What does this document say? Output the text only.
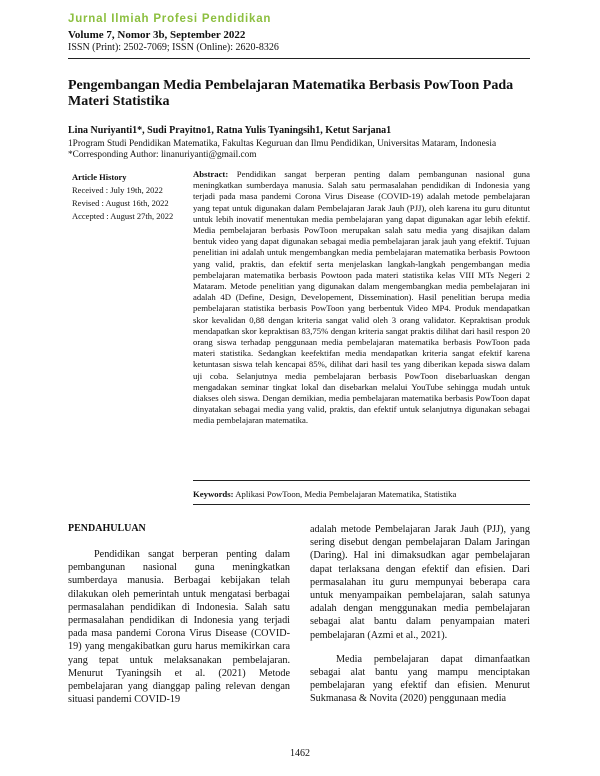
Jurnal Ilmiah Profesi Pendidikan
Volume 7, Nomor 3b, September 2022
ISSN (Print): 2502-7069; ISSN (Online): 2620-8326
Pengembangan Media Pembelajaran Matematika Berbasis PowToon Pada Materi Statistika
Lina Nuriyanti1*, Sudi Prayitno1, Ratna Yulis Tyaningsih1, Ketut Sarjana1
1Program Studi Pendidikan Matematika, Fakultas Keguruan dan Ilmu Pendidikan, Universitas Mataram, Indonesia
*Corresponding Author: linanuriyanti@gmail.com
Article History
Received : July 19th, 2022
Revised : August 16th, 2022
Accepted : August 27th, 2022
Abstract: Pendidikan sangat berperan penting dalam pembangunan nasional guna meningkatkan sumberdaya manusia. Salah satu permasalahan pendidikan di Indonesia yang terjadi pada masa pandemi Corona Virus Disease (COVID-19) adalah metode pembelajaran yang tepat untuk digunakan dalam Pembelajaran Jarak Jauh (PJJ), oleh karena itu guru dituntut untuk lebih inovatif menentukan media pembelajaran yang dapat digunakan agar lebih efektif. Media pembelajaran berbasis PowToon merupakan salah satu media yang disajikan dalam bentuk video yang dapat digunakan sebagai media pembelajaran jarak jauh yang efektif. Tujuan penelitian ini adalah untuk mengembangkan media pembelajaran matematika berbasis Powtoon yang valid, praktis, dan efektif serta menjelaskan langkah-langkah pengembangan media pembelajaran matematika berbasis Powtoon pada materi statistika kelas VIII MTs Negeri 2 Mataram. Metode penelitian yang digunakan dalam mengembangkan media pembelajaran ini adalah 4D (Define, Design, Developement, Dissemination). Hasil penelitian berupa media pembelajaran statistika berbasis PowToon yang berbentuk Video MP4. Produk mendapatkan skor kevalidan 0,88 dengan kriteria sangat valid oleh 3 orang validator. Kepraktisan produk mendapatkan skor kepraktisan 83,75% dengan kriteria sangat praktis dilihat dari hasil respon 20 orang siswa terhadap penggunaan media pembelajaran matematika berbasis PowToon pada materi statistika. Sedangkan keefektifan media mendapatkan kriteria sangat efektif karena ketuntasan siswa telah kencapai 85%, dilihat dari hasil tes yang diberikan kepada siswa dalam uji coba. Selanjutnya media pembelajaran berbasis PowToon disebarluaskan dengan mengadakan seminar tingkat lokal dan disebarkan melalui YouTube sehingga mudah untuk diakses oleh siswa. Dengan demikian, media pembelajaran matematika berbasis PowToon dapat dinyatakan sebagai media yang valid, praktis, dan efektif untuk selanjutnya digunakan sebagai media pembelajaran matematika.
Keywords: Aplikasi PowToon, Media Pembelajaran Matematika, Statistika
PENDAHULUAN

Pendidikan sangat berperan penting dalam pembangunan nasional guna meningkatkan sumberdaya manusia. Berbagai kebijakan telah dilakukan oleh pemerintah untuk mengatasi berbagai permasalahan pendidikan di Indonesia. Salah satu permasalahan pendidikan di Indonesia yang terjadi pada masa pandemi Corona Virus Disease (COVID-19) yang mengakibatkan guru harus memikirkan cara yang tepat untuk melaksanakan pembelajaran. Menurut Tyaningsih et al. (2021) Metode pembelajaran yang dianggap paling relevan dengan situasi pandemi COVID-19

adalah metode Pembelajaran Jarak Jauh (PJJ), yang sering disebut dengan pembelajaran Dalam Jaringan (Daring). Hal ini dimaksudkan agar pembelajaran dapat terlaksana dengan efektif dan efisien. Dari permasalahan itu guru mempunyai beberapa cara untuk menyampaikan pembelajaran, salah satunya adalah dengan menggunakan media pembelajaran sebagai alat bantu dalam penyampaian materi pembelajaran (Azmi et al., 2021).

Media pembelajaran dapat dimanfaatkan sebagai alat bantu yang mampu menciptakan pembelajaran yang efektif dan efisien. Menurut Sukmanasa & Novita (2020) penggunaan media

1462
